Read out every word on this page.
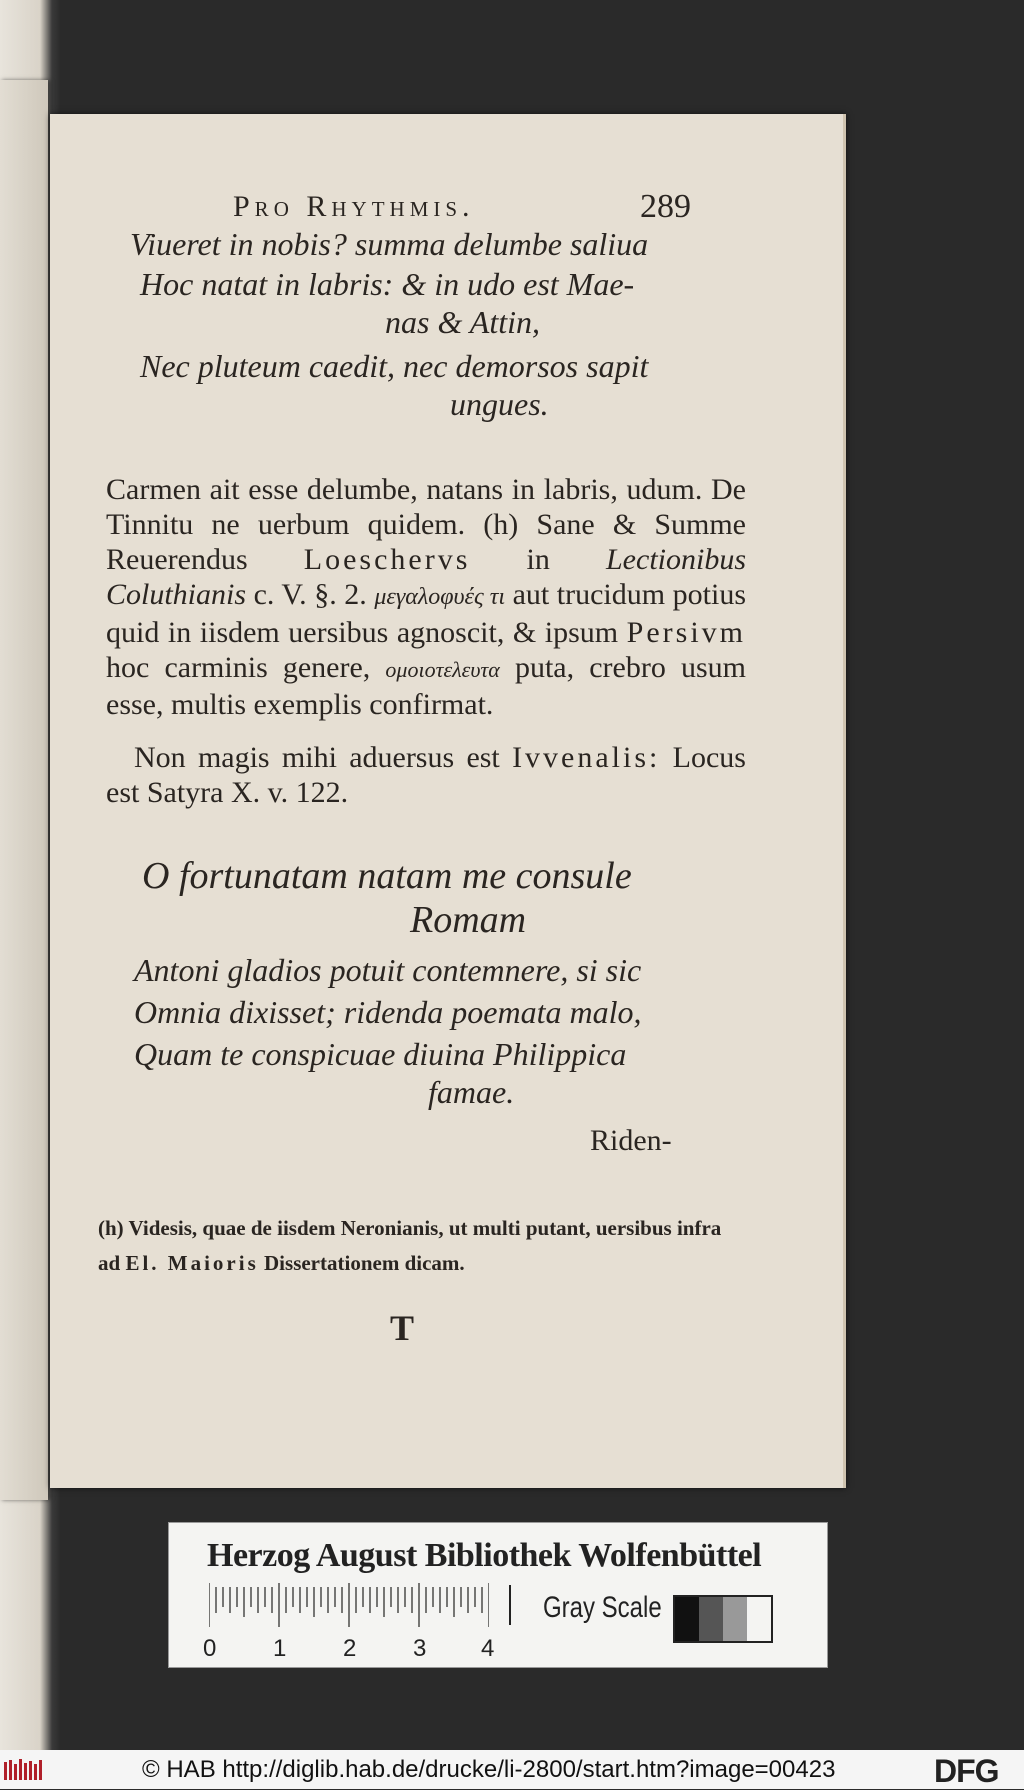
Pro Rhythmis.	289
Viueret in nobis? summa delumbe saliua
Hoc natat in labris: & in udo est Mae-
nas & Attin,
Nec pluteum caedit, nec demorsos sapit
ungues.
Carmen ait esse delumbe, natans in labris, udum. De Tinnitu ne uerbum quidem. (h) Sane & Summe Reuerendus Loeschervs in Lectionibus Coluthianis c. V. §. 2. μεγαλοφυές τι aut trucidum potius quid in iisdem uersibus agnoscit, & ipsum Persivm hoc carminis genere, ομοιοτελευτα puta, crebro usum esse, multis exemplis confirmat.
Non magis mihi aduersus est Ivvenalis: Locus est Satyra X. v. 122.
O fortunatam natam me consule
Romam
Antoni gladios potuit contemnere, si sic
Omnia dixisset; ridenda poemata malo,
Quam te conspicuae diuina Philippica
famae.
Riden-
(h) Videsis, quae de iisdem Neronianis, ut multi putant, uersibus infra ad El. Maioris Dissertationem dicam.
T
Herzog August Bibliothek Wolfenbüttel
0 1 2 3 4
Gray Scale
© HAB http://diglib.hab.de/drucke/li-2800/start.htm?image=00423	DFG
